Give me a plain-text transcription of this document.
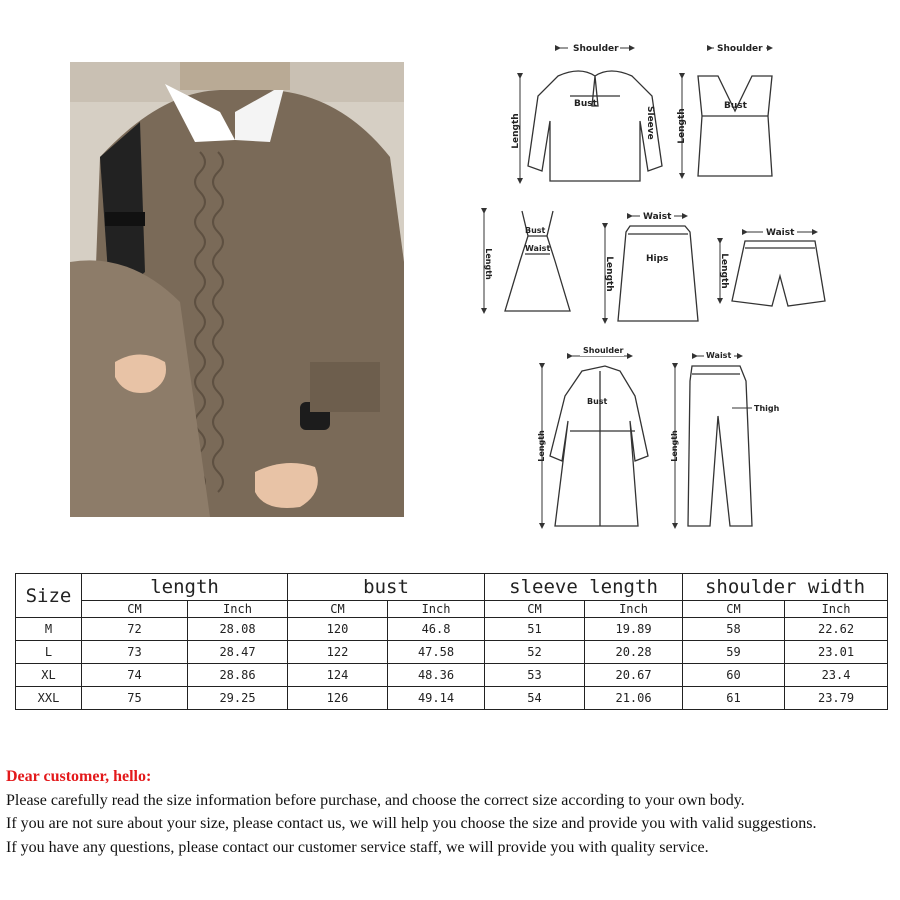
Shoulder
Length
Bust
Sleeve
Shoulder
Length
Bust
Bust
Waist
Length
Waist
Hips
Length
Waist
Length
Shoulder
Bust
Length
Waist
Thigh
Length
Size	length		bust		sleeve length		shoulder width	
	CM	Inch	CM	Inch	CM	Inch	CM	Inch
M	72	28.08	120	46.8	51	19.89	58	22.62
L	73	28.47	122	47.58	52	20.28	59	23.01
XL	74	28.86	124	48.36	53	20.67	60	23.4
XXL	75	29.25	126	49.14	54	21.06	61	23.79
Dear customer, hello:
Please carefully read the size information before purchase, and choose the correct size according to your own body.
If you are not sure about your size, please contact us, we will help you choose the size and provide you with valid suggestions.
If you have any questions, please contact our customer service staff, we will provide you with quality service.
